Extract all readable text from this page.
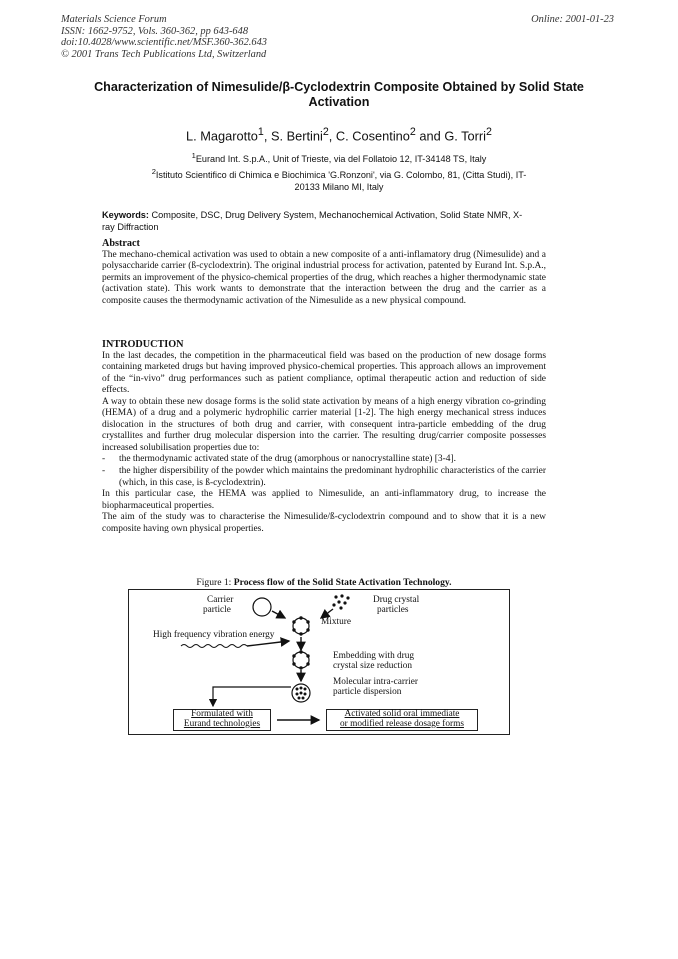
Materials Science Forum
ISSN: 1662-9752, Vols. 360-362, pp 643-648
doi:10.4028/www.scientific.net/MSF.360-362.643
© 2001 Trans Tech Publications Ltd, Switzerland
Online: 2001-01-23
Characterization of Nimesulide/β-Cyclodextrin Composite Obtained by Solid State Activation
L. Magarotto$^1$, S. Bertini$^2$, C. Cosentino$^2$ and G. Torri$^2$
$^1$Eurand Int. S.p.A., Unit of Trieste, via del Follatoio 12, IT-34148 TS, Italy
$^2$Istituto Scientifico di Chimica e Biochimica 'G.Ronzoni', via G. Colombo, 81, (Citta Studi), IT-20133 Milano MI, Italy
Keywords: Composite, DSC, Drug Delivery System, Mechanochemical Activation, Solid State NMR, X-ray Diffraction
Abstract

The mechano-chemical activation was used to obtain a new composite of a anti-inflamatory drug (Nimesulide) and a polysaccharide carrier (ß-cyclodextrin). The original industrial process for activation, patented by Eurand Int. S.p.A., permits an improvement of the physico-chemical properties of the drug, which reaches a higher thermodynamic state (activation state). This work wants to demonstrate that the interaction between the drug and the carrier as a composite causes the thermodynamic activation of the Nimesulide as a new physical compound.

INTRODUCTION

In the last decades, the competition in the pharmaceutical field was based on the production of new dosage forms containing marketed drugs but having improved physico-chemical properties. This approach allows an improvement of the “in-vivo” drug performances such as patient compliance, optimal therapeutic action and reduction of side effects.

A way to obtain these new dosage forms is the solid state activation by means of a high energy vibration co-grinding (HEMA) of a drug and a polymeric hydrophilic carrier material [1-2]. The high energy mechanical stress induces dislocation in the structures of both drug and carrier, with consequent intra-particle embedding of the drug crystallites and further drug molecular dispersion into the carrier. The resulting drug/carrier composite possesses increased solubilisation properties due to:

- the thermodynamic activated state of the drug (amorphous or nanocrystalline state) [3-4].
- the higher dispersibility of the powder which maintains the predominant hydrophilic characteristics of the carrier (which, in this case, is ß-cyclodextrin).

In this particular case, the HEMA was applied to Nimesulide, an anti-inflammatory drug, to increase the biopharmaceutical properties.

The aim of the study was to characterise the Nimesulide/ß-cyclodextrin compound and to show that it is a new composite having own physical properties.

Figure 1: Process flow of the Solid State Activation Technology.
Carrier
particle
Drug crystal
particles
Mixture
High frequency vibration energy
Embedding with drug
crystal size reduction
Molecular intra-carrier
particle dispersion
Formulated with
Eurand technologies
Activated solid oral immediate
or modified release dosage forms
